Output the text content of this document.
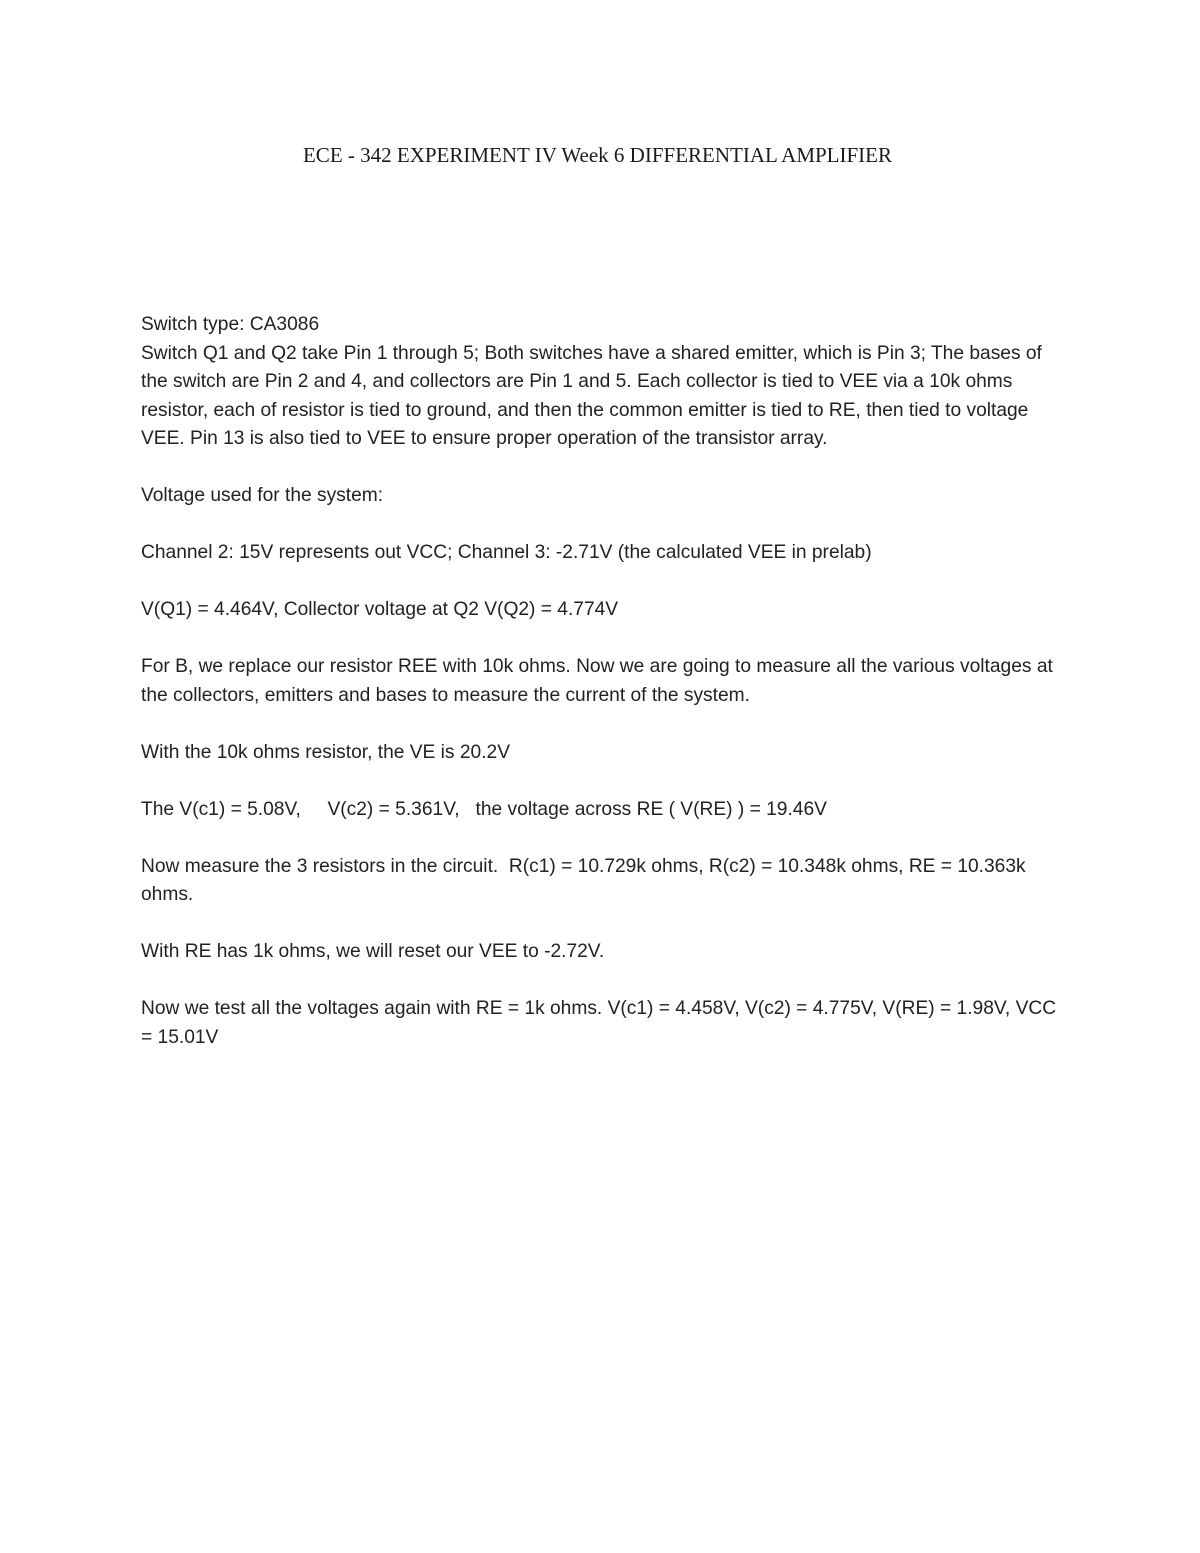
ECE - 342 EXPERIMENT IV Week 6 DIFFERENTIAL AMPLIFIER

Switch type: CA3086

Switch Q1 and Q2 take Pin 1 through 5; Both switches have a shared emitter, which is Pin 3; The bases of the switch are Pin 2 and 4, and collectors are Pin 1 and 5. Each collector is tied to VEE via a 10k ohms resistor, each of resistor is tied to ground, and then the common emitter is tied to RE, then tied to voltage VEE. Pin 13 is also tied to VEE to ensure proper operation of the transistor array.

Voltage used for the system:

Channel 2: 15V represents out VCC; Channel 3: -2.71V (the calculated VEE in prelab)

V(Q1) = 4.464V, Collector voltage at Q2 V(Q2) = 4.774V

For B, we replace our resistor REE with 10k ohms. Now we are going to measure all the various voltages at the collectors, emitters and bases to measure the current of the system.

With the 10k ohms resistor, the VE is 20.2V

The V(c1) = 5.08V,     V(c2) = 5.361V,   the voltage across RE ( V(RE) ) = 19.46V

Now measure the 3 resistors in the circuit.  R(c1) = 10.729k ohms, R(c2) = 10.348k ohms, RE = 10.363k ohms.

With RE has 1k ohms, we will reset our VEE to -2.72V.

Now we test all the voltages again with RE = 1k ohms. V(c1) = 4.458V, V(c2) = 4.775V, V(RE) = 1.98V, VCC = 15.01V
